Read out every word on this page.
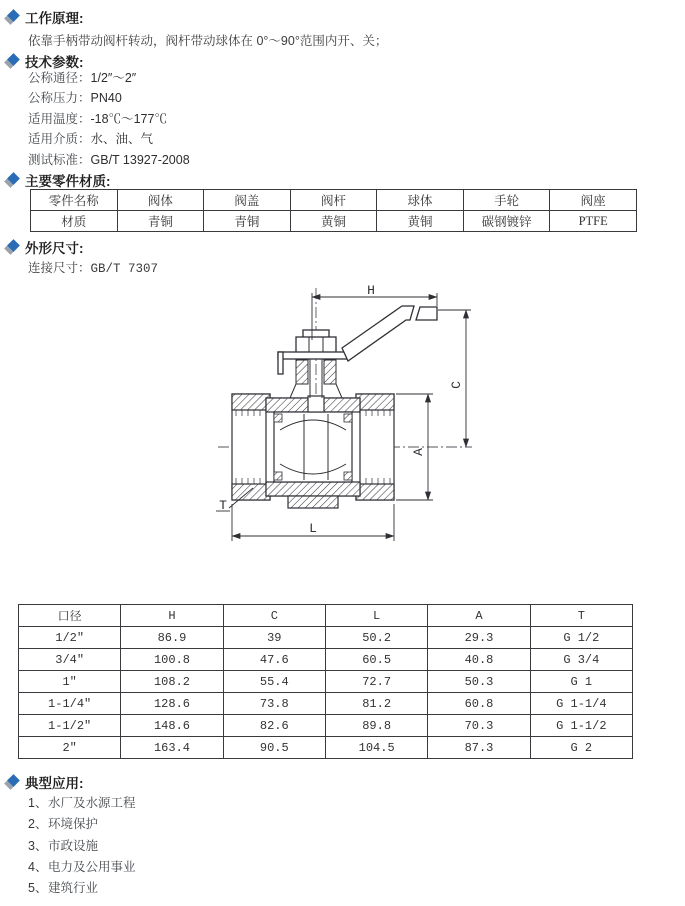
工作原理:
依靠手柄带动阀杆转动，阀杆带动球体在 0°～90°范围内开、关；
技术参数:
公称通径：1/2″～2″
公称压力：PN40
适用温度：-18℃～177℃
适用介质：水、油、气
测试标准：GB/T 13927-2008
主要零件材质:
零件名称	阀体	阀盖	阀杆	球体	手轮	阀座
材质	青铜	青铜	黄铜	黄铜	碳钢镀锌	PTFE
外形尺寸:
连接尺寸：GB/T 7307
H
C
A
L
T
口径	H	C	L	A	T
1/2″	86.9	39	50.2	29.3	G 1/2
3/4″	100.8	47.6	60.5	40.8	G 3/4
1″	108.2	55.4	72.7	50.3	G 1
1-1/4″	128.6	73.8	81.2	60.8	G 1-1/4
1-1/2″	148.6	82.6	89.8	70.3	G 1-1/2
2″	163.4	90.5	104.5	87.3	G 2
典型应用:
1、水厂及水源工程
2、环境保护
3、市政设施
4、电力及公用事业
5、建筑行业
